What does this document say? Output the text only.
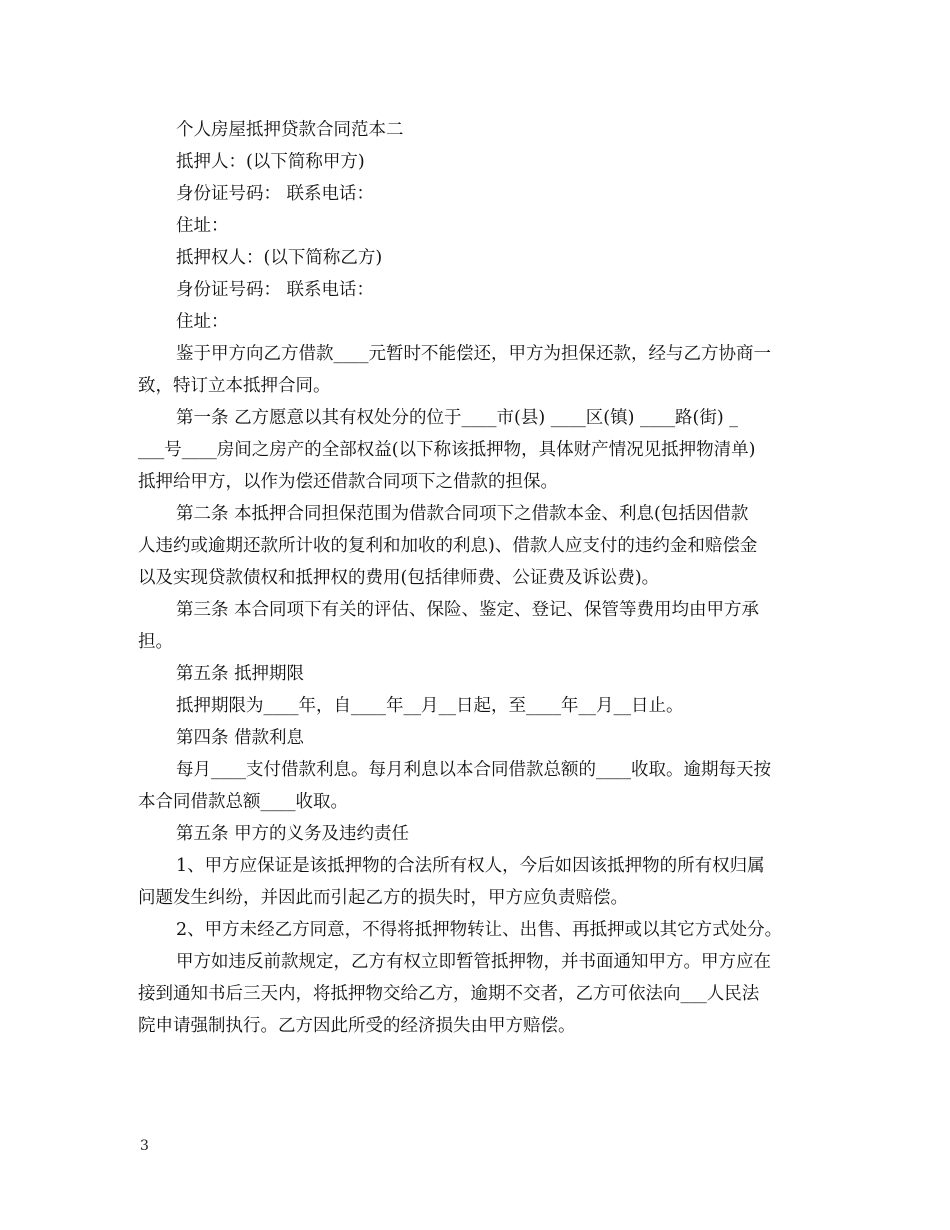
个人房屋抵押贷款合同范本二
抵押人：(以下简称甲方)
身份证号码： 联系电话：
住址：
抵押权人：(以下简称乙方)
身份证号码： 联系电话：
住址：
鉴于甲方向乙方借款____元暂时不能偿还，甲方为担保还款，经与乙方协商一
致，特订立本抵押合同。
第一条 乙方愿意以其有权处分的位于____市(县) ____区(镇) ____路(街) _
___号____房间之房产的全部权益(以下称该抵押物，具体财产情况见抵押物清单)
抵押给甲方，以作为偿还借款合同项下之借款的担保。
第二条 本抵押合同担保范围为借款合同项下之借款本金、利息(包括因借款
人违约或逾期还款所计收的复利和加收的利息)、借款人应支付的违约金和赔偿金
以及实现贷款债权和抵押权的费用(包括律师费、公证费及诉讼费)。
第三条 本合同项下有关的评估、保险、鉴定、登记、保管等费用均由甲方承
担。
第五条 抵押期限
抵押期限为____年，自____年__月__日起，至____年__月__日止。
第四条 借款利息
每月____支付借款利息。每月利息以本合同借款总额的____收取。逾期每天按
本合同借款总额____收取。
第五条 甲方的义务及违约责任
1、甲方应保证是该抵押物的合法所有权人，今后如因该抵押物的所有权归属
问题发生纠纷，并因此而引起乙方的损失时，甲方应负责赔偿。
2、甲方未经乙方同意，不得将抵押物转让、出售、再抵押或以其它方式处分。
甲方如违反前款规定，乙方有权立即暂管抵押物，并书面通知甲方。甲方应在
接到通知书后三天内，将抵押物交给乙方，逾期不交者，乙方可依法向___人民法
院申请强制执行。乙方因此所受的经济损失由甲方赔偿。
3
